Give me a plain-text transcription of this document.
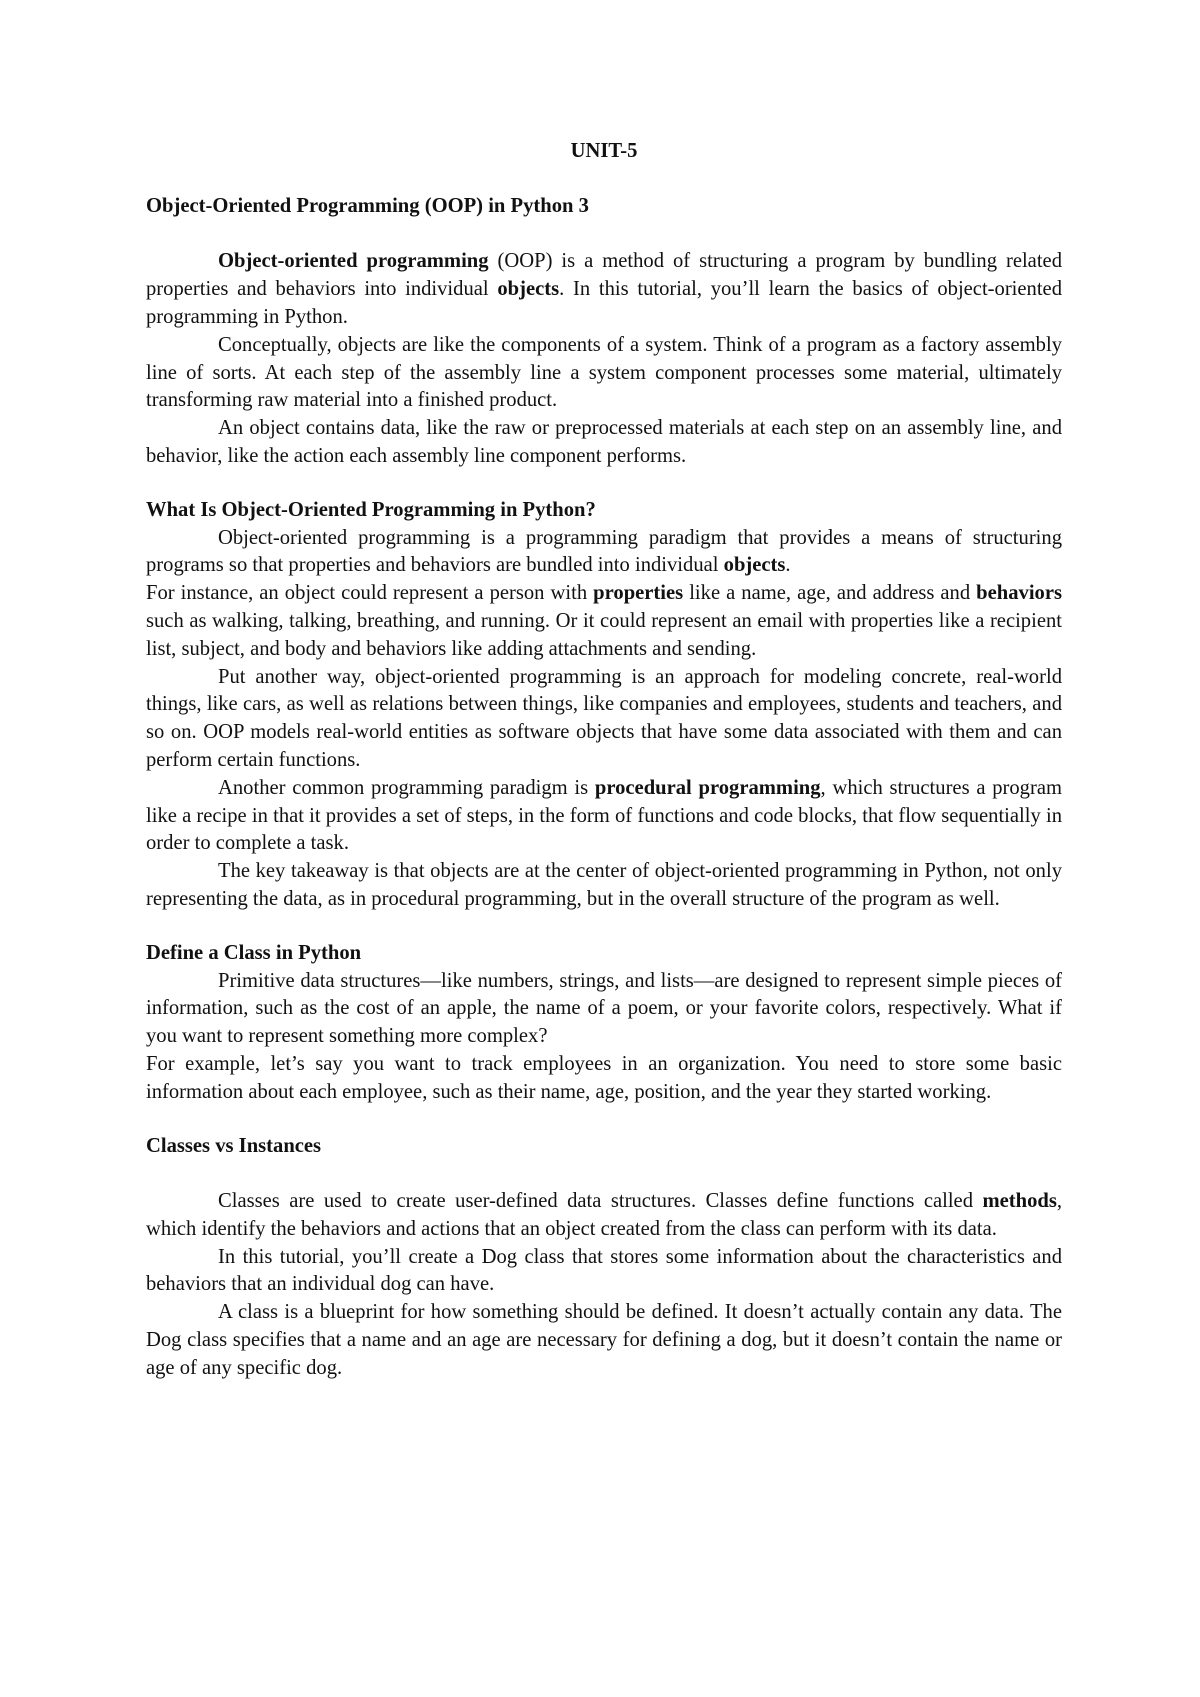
UNIT-5
Object-Oriented Programming (OOP) in Python 3

Object-oriented programming (OOP) is a method of structuring a program by bundling related properties and behaviors into individual objects. In this tutorial, you’ll learn the basics of object-oriented programming in Python.

Conceptually, objects are like the components of a system. Think of a program as a factory assembly line of sorts. At each step of the assembly line a system component processes some material, ultimately transforming raw material into a finished product.

An object contains data, like the raw or preprocessed materials at each step on an assembly line, and behavior, like the action each assembly line component performs.

What Is Object-Oriented Programming in Python?

Object-oriented programming is a programming paradigm that provides a means of structuring programs so that properties and behaviors are bundled into individual objects.

For instance, an object could represent a person with properties like a name, age, and address and behaviors such as walking, talking, breathing, and running. Or it could represent an email with properties like a recipient list, subject, and body and behaviors like adding attachments and sending.

Put another way, object-oriented programming is an approach for modeling concrete, real-world things, like cars, as well as relations between things, like companies and employees, students and teachers, and so on. OOP models real-world entities as software objects that have some data associated with them and can perform certain functions.

Another common programming paradigm is procedural programming, which structures a program like a recipe in that it provides a set of steps, in the form of functions and code blocks, that flow sequentially in order to complete a task.

The key takeaway is that objects are at the center of object-oriented programming in Python, not only representing the data, as in procedural programming, but in the overall structure of the program as well.

Define a Class in Python

Primitive data structures—like numbers, strings, and lists—are designed to represent simple pieces of information, such as the cost of an apple, the name of a poem, or your favorite colors, respectively. What if you want to represent something more complex?

For example, let’s say you want to track employees in an organization. You need to store some basic information about each employee, such as their name, age, position, and the year they started working.

Classes vs Instances

Classes are used to create user-defined data structures. Classes define functions called methods, which identify the behaviors and actions that an object created from the class can perform with its data.

In this tutorial, you’ll create a Dog class that stores some information about the characteristics and behaviors that an individual dog can have.

A class is a blueprint for how something should be defined. It doesn’t actually contain any data. The Dog class specifies that a name and an age are necessary for defining a dog, but it doesn’t contain the name or age of any specific dog.
